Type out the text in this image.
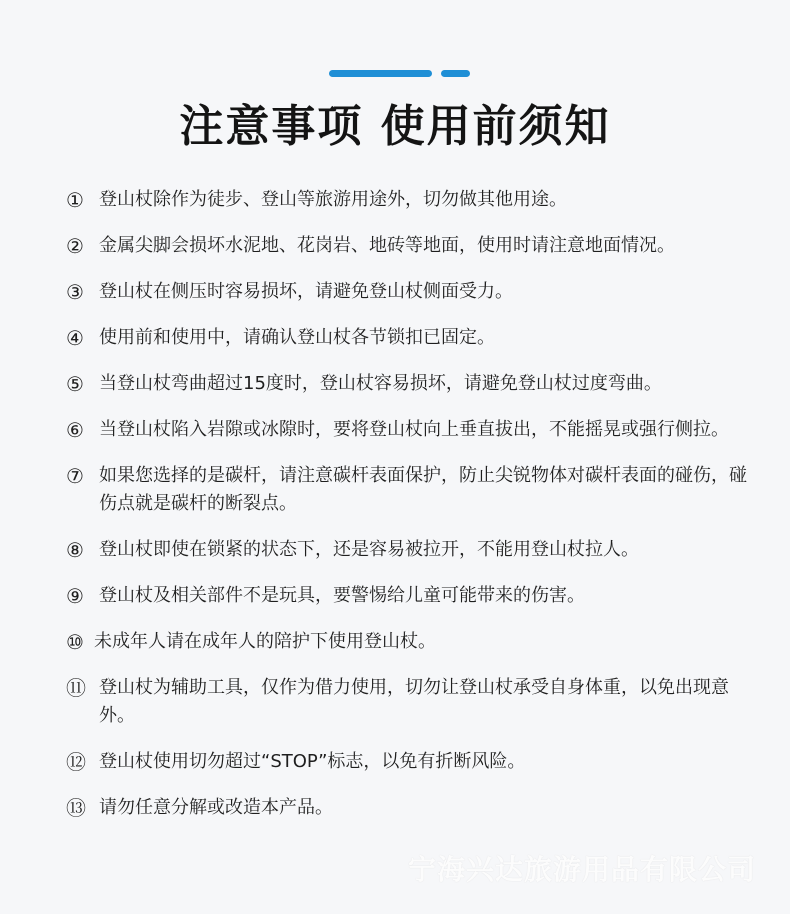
注意事项 使用前须知
① 登山杖除作为徒步、登山等旅游用途外，切勿做其他用途。
② 金属尖脚会损坏水泥地、花岗岩、地砖等地面，使用时请注意地面情况。
③ 登山杖在侧压时容易损坏，请避免登山杖侧面受力。
④ 使用前和使用中，请确认登山杖各节锁扣已固定。
⑤ 当登山杖弯曲超过15度时，登山杖容易损坏，请避免登山杖过度弯曲。
⑥ 当登山杖陷入岩隙或冰隙时，要将登山杖向上垂直拔出，不能摇晃或强行侧拉。
⑦ 如果您选择的是碳杆，请注意碳杆表面保护，防止尖锐物体对碳杆表面的碰伤，碰伤点就是碳杆的断裂点。
⑧ 登山杖即使在锁紧的状态下，还是容易被拉开，不能用登山杖拉人。
⑨ 登山杖及相关部件不是玩具，要警惕给儿童可能带来的伤害。
⑩ 未成年人请在成年人的陪护下使用登山杖。
⑪ 登山杖为辅助工具，仅作为借力使用，切勿让登山杖承受自身体重，以免出现意外。
⑫ 登山杖使用切勿超过“STOP”标志，以免有折断风险。
⑬ 请勿任意分解或改造本产品。
宁海兴达旅游用品有限公司
